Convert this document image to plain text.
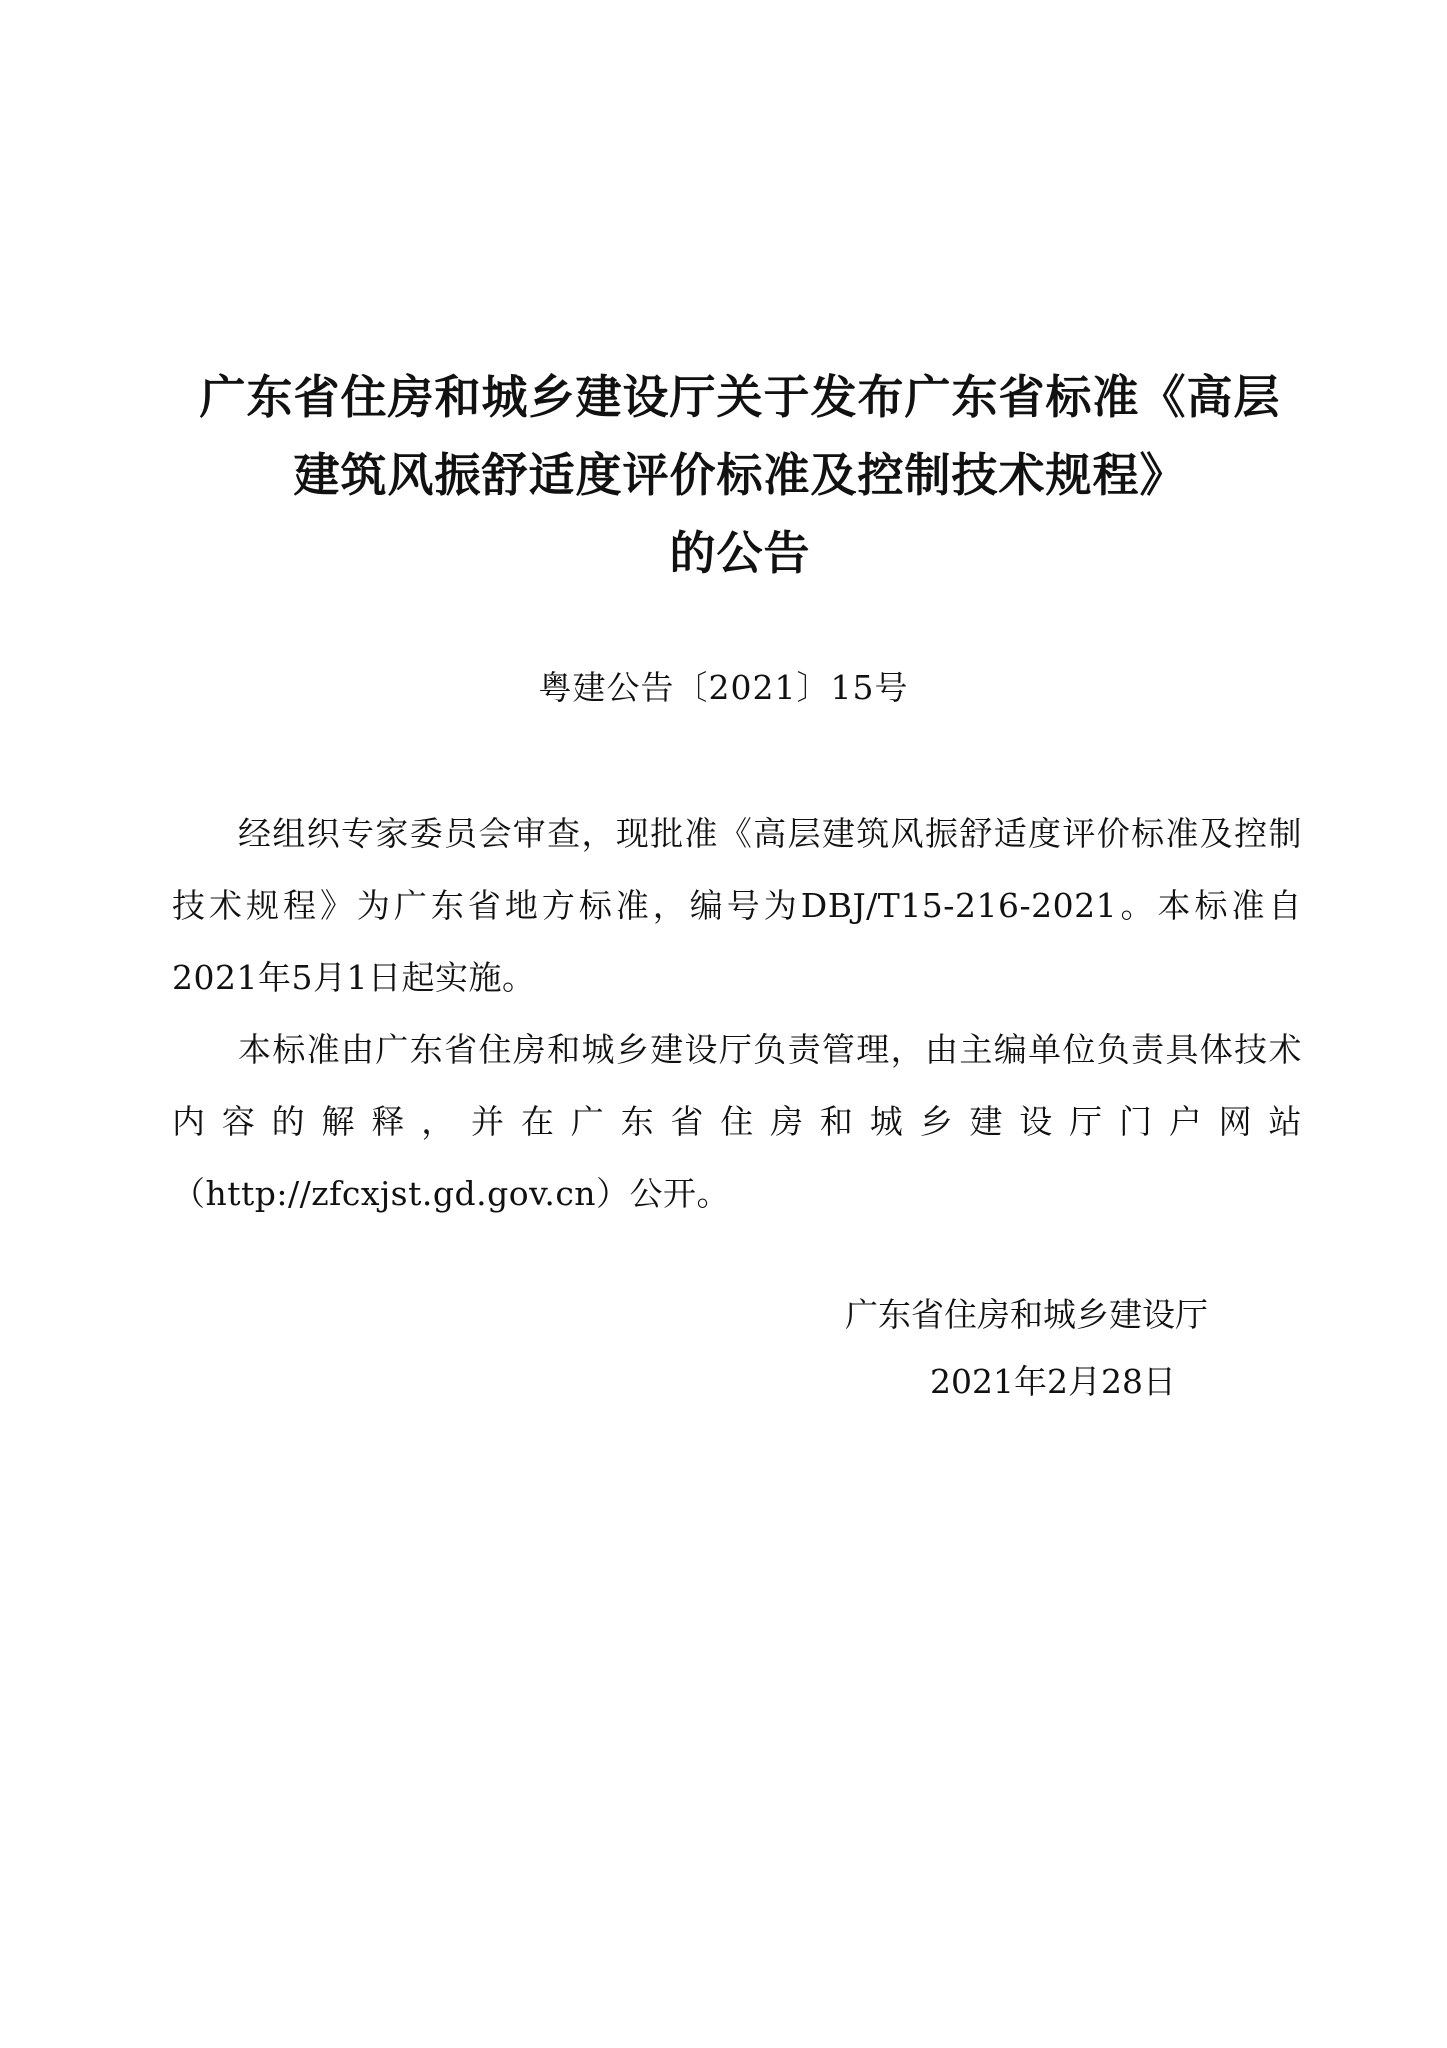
广东省住房和城乡建设厅关于发布广东省标准《高层
建筑风振舒适度评价标准及控制技术规程》
的公告
粤建公告〔2021〕15号

经组织专家委员会审查，现批准《高层建筑风振舒适度评价标准及控制技术规程》为广东省地方标准，编号为DBJ/T15-216-2021。本标准自2021年5月1日起实施。

本标准由广东省住房和城乡建设厅负责管理，由主编单位负责具体技术内容的解释，并在广东省住房和城乡建设厅门户网站（http://zfcxjst.gd.gov.cn）公开。

广东省住房和城乡建设厅
2021年2月28日
